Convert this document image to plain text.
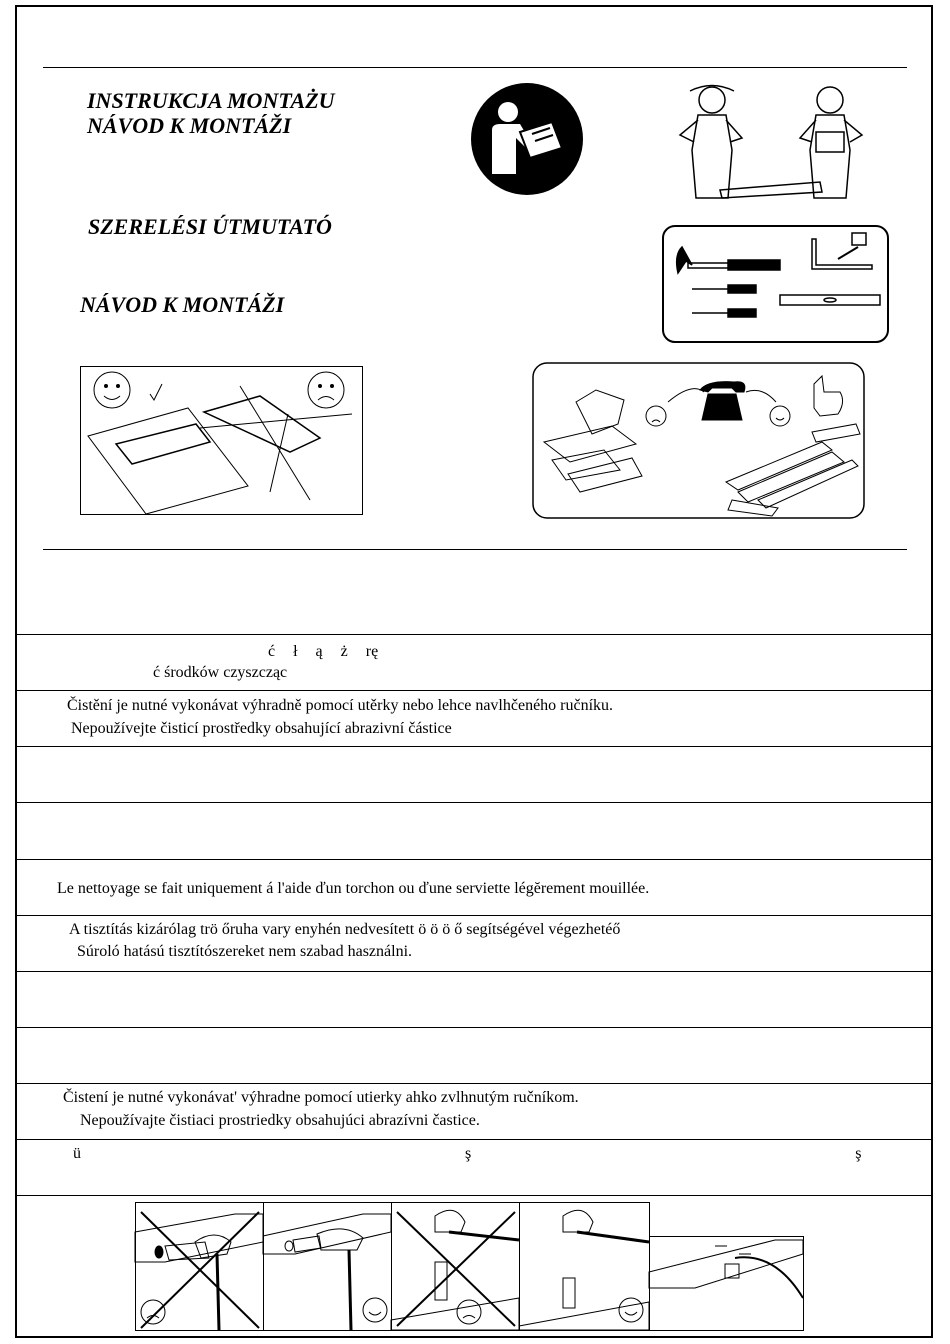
INSTRUKCJA MONTAŻU
NÁVOD K MONTÁŽI
SZERELÉSI ÚTMUTATÓ
NÁVOD K MONTÁŽI
ć ł ą ż rę
ć środków czyszcząc
Čistění je nutné vykonávat výhradně pomocí utěrky nebo lehce navlhčeného ručníku.
Nepoužívejte čisticí prostředky obsahující abrazivní částice
Le nettoyage se fait uniquement á l'aide ďun torchon ou ďune serviette légĕrement mouillée.
A tisztítás kizárólag trö őruha vary enyhén nedvesített ö ö ö ő segítségével végezhetéő
Súroló hatású tisztítószereket nem szabad használni.
Čistení je nutné vykonávat' výhradne pomocí utierky ahko zvlhnutým ručníkom.
Nepoužívajte čistiaci prostriedky obsahujúci abrazívni častice.
ü ş ş
